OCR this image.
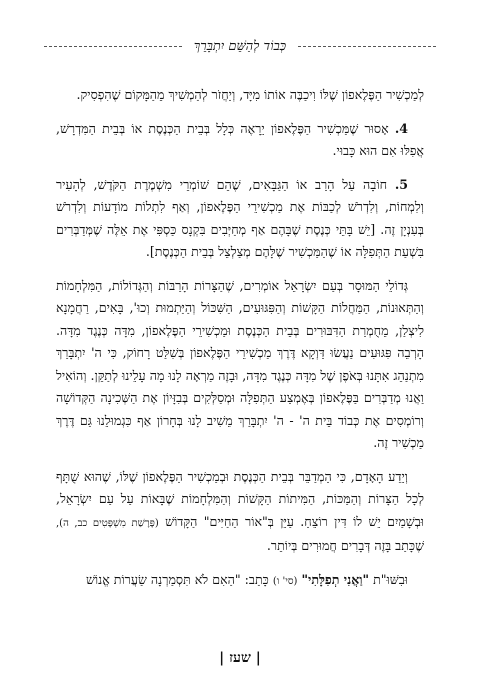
כְּבוֹד לְהַשֵּׁם יִתְבָּרֵךְ

לְמַכְשִׁיר הַפֶּלֶאפוֹן שֶׁלּוֹ וִיכַבֶּה אוֹתוֹ מִיָּד, וְיַחֲזֹר לְהַמְשִׁיךְ מֵהַמָּקוֹם שֶׁהִפְסִיק.

4. אָסוּר שֶׁמַּכְשִׁיר הַפֶּלֶאפוֹן יֵרָאֶה כְּלָל בְּבֵית הַכְּנֶסֶת אוֹ בְּבֵית הַמִּדְרָשׁ, אֲפִלּוּ אִם הוּא כָּבוּי.

5. חוֹבָה עַל הָרַב אוֹ הַגַּבָּאִים, שֶׁהֵם שׁוֹמְרֵי מִשְׁמֶרֶת הַקֹּדֶשׁ, לְהָעִיר וְלִמְחוֹת, וְלִדְרֹשׁ לְכַבּוֹת אֶת מַכְשִׁירֵי הַפֶּלֶאפוֹן, וְאַף לִתְלוֹת מוֹדָעוֹת וְלִדְרֹשׁ בְּעִנְיָן זֶה. [יֵשׁ בָּתֵּי כְּנֶסֶת שֶׁבָּהֶם אַף מְחַיְּבִים בִּקְנָס כַּסְפִּי אֶת אֵלֶּה שֶׁמְּדַבְּרִים בִּשְׁעַת הַתְּפִלָּה אוֹ שֶׁהַמַּכְשִׁיר שֶׁלָּהֶם מְצַלְצֵל בְּבֵית הַכְּנֶסֶת].

גְּדוֹלֵי הַמּוּסָר בְּעַם יִשְׂרָאֵל אוֹמְרִים, שֶׁהַצָּרוֹת הָרַבּוֹת וְהַגְּדוֹלוֹת, הַמִּלְחָמוֹת וְהַתְּאוּנוֹת, הַמַּחֲלוֹת הַקָּשׁוֹת וְהַפִּגּוּעִים, הַשִּׁכּוֹל וְהַיַּתְמוּת וְכוּ', בָּאִים, רַחֲמָנָא לִיצְלַן, מֵחֻמְרַת הַדִּבּוּרִים בְּבֵית הַכְּנֶסֶת וּמַכְשִׁירֵי הַפֶּלֶאפוֹן, מִדָּה כְּנֶגֶד מִדָּה. הָרְבֵה פִּגּוּעִים נַעֲשׂוּ דַּוְקָא דֶּרֶךְ מַכְשִׁירֵי הַפֶּלֶאפוֹן בְּשִׁלַּט רָחוֹק, כִּי ה' יִתְבָּרַךְ מִתְנַהֵג אִתָּנוּ בְּאֹפֶן שֶׁל מִדָּה כְּנֶגֶד מִדָּה, וּבָזֶה מַרְאָה לָנוּ מָה עָלֵינוּ לְתַקֵּן. וְהוֹאִיל וַאֲנוּ מְדַבְּרִים בַּפֶּלֶאפוֹן בְּאֶמְצַע הַתְּפִלָּה וּמְסַלְּקִים בְּבִזָּיוֹן אֶת הַשְּׁכִינָה הַקְּדוֹשָׁה וְרוֹמְסִים אֶת כְּבוֹד בֵּית ה' - ה' יִתְבָּרַךְ מֵשִׁיב לָנוּ בְּחָרוֹן אַף כִּגְמוּלֵנוּ גַּם דֶּרֶךְ מַכְשִׁיר זֶה.

וְיֵדַע הָאָדָם, כִּי הַמְדַבֵּר בְּבֵית הַכְּנֶסֶת וּבְמַכְשִׁיר הַפֶּלֶאפוֹן שֶׁלּוֹ, שֶׁהוּא שֻׁתָּף לְכָל הַצָּרוֹת וְהַמַּכּוֹת, הַמִּיתוֹת הַקָּשׁוֹת וְהַמִּלְחָמוֹת שֶׁבָּאוֹת עַל עַם יִשְׂרָאֵל, וּבְשָׁמַיִם יֵשׁ לוֹ דִּין רוֹצֵחַ. עַיֵּן בְּ"אוֹר הַחַיִּים" הַקָּדוֹשׁ (פָּרָשַׁת מִשְׁפָּטִים כב, ה), שֶׁכָּתַב בָּזֶה דְּבָרִים חֲמוּרִים בְּיוֹתֵר.

וּבִשּׁוּ"ת "וַאֲנִי תְפִלָּתִי" (סי' ו) כָּתַב: "הַאִם לֹא תִּסְמַרְנָה שַׂעֲרוֹת אֱנוֹשׁ

| שעז |
